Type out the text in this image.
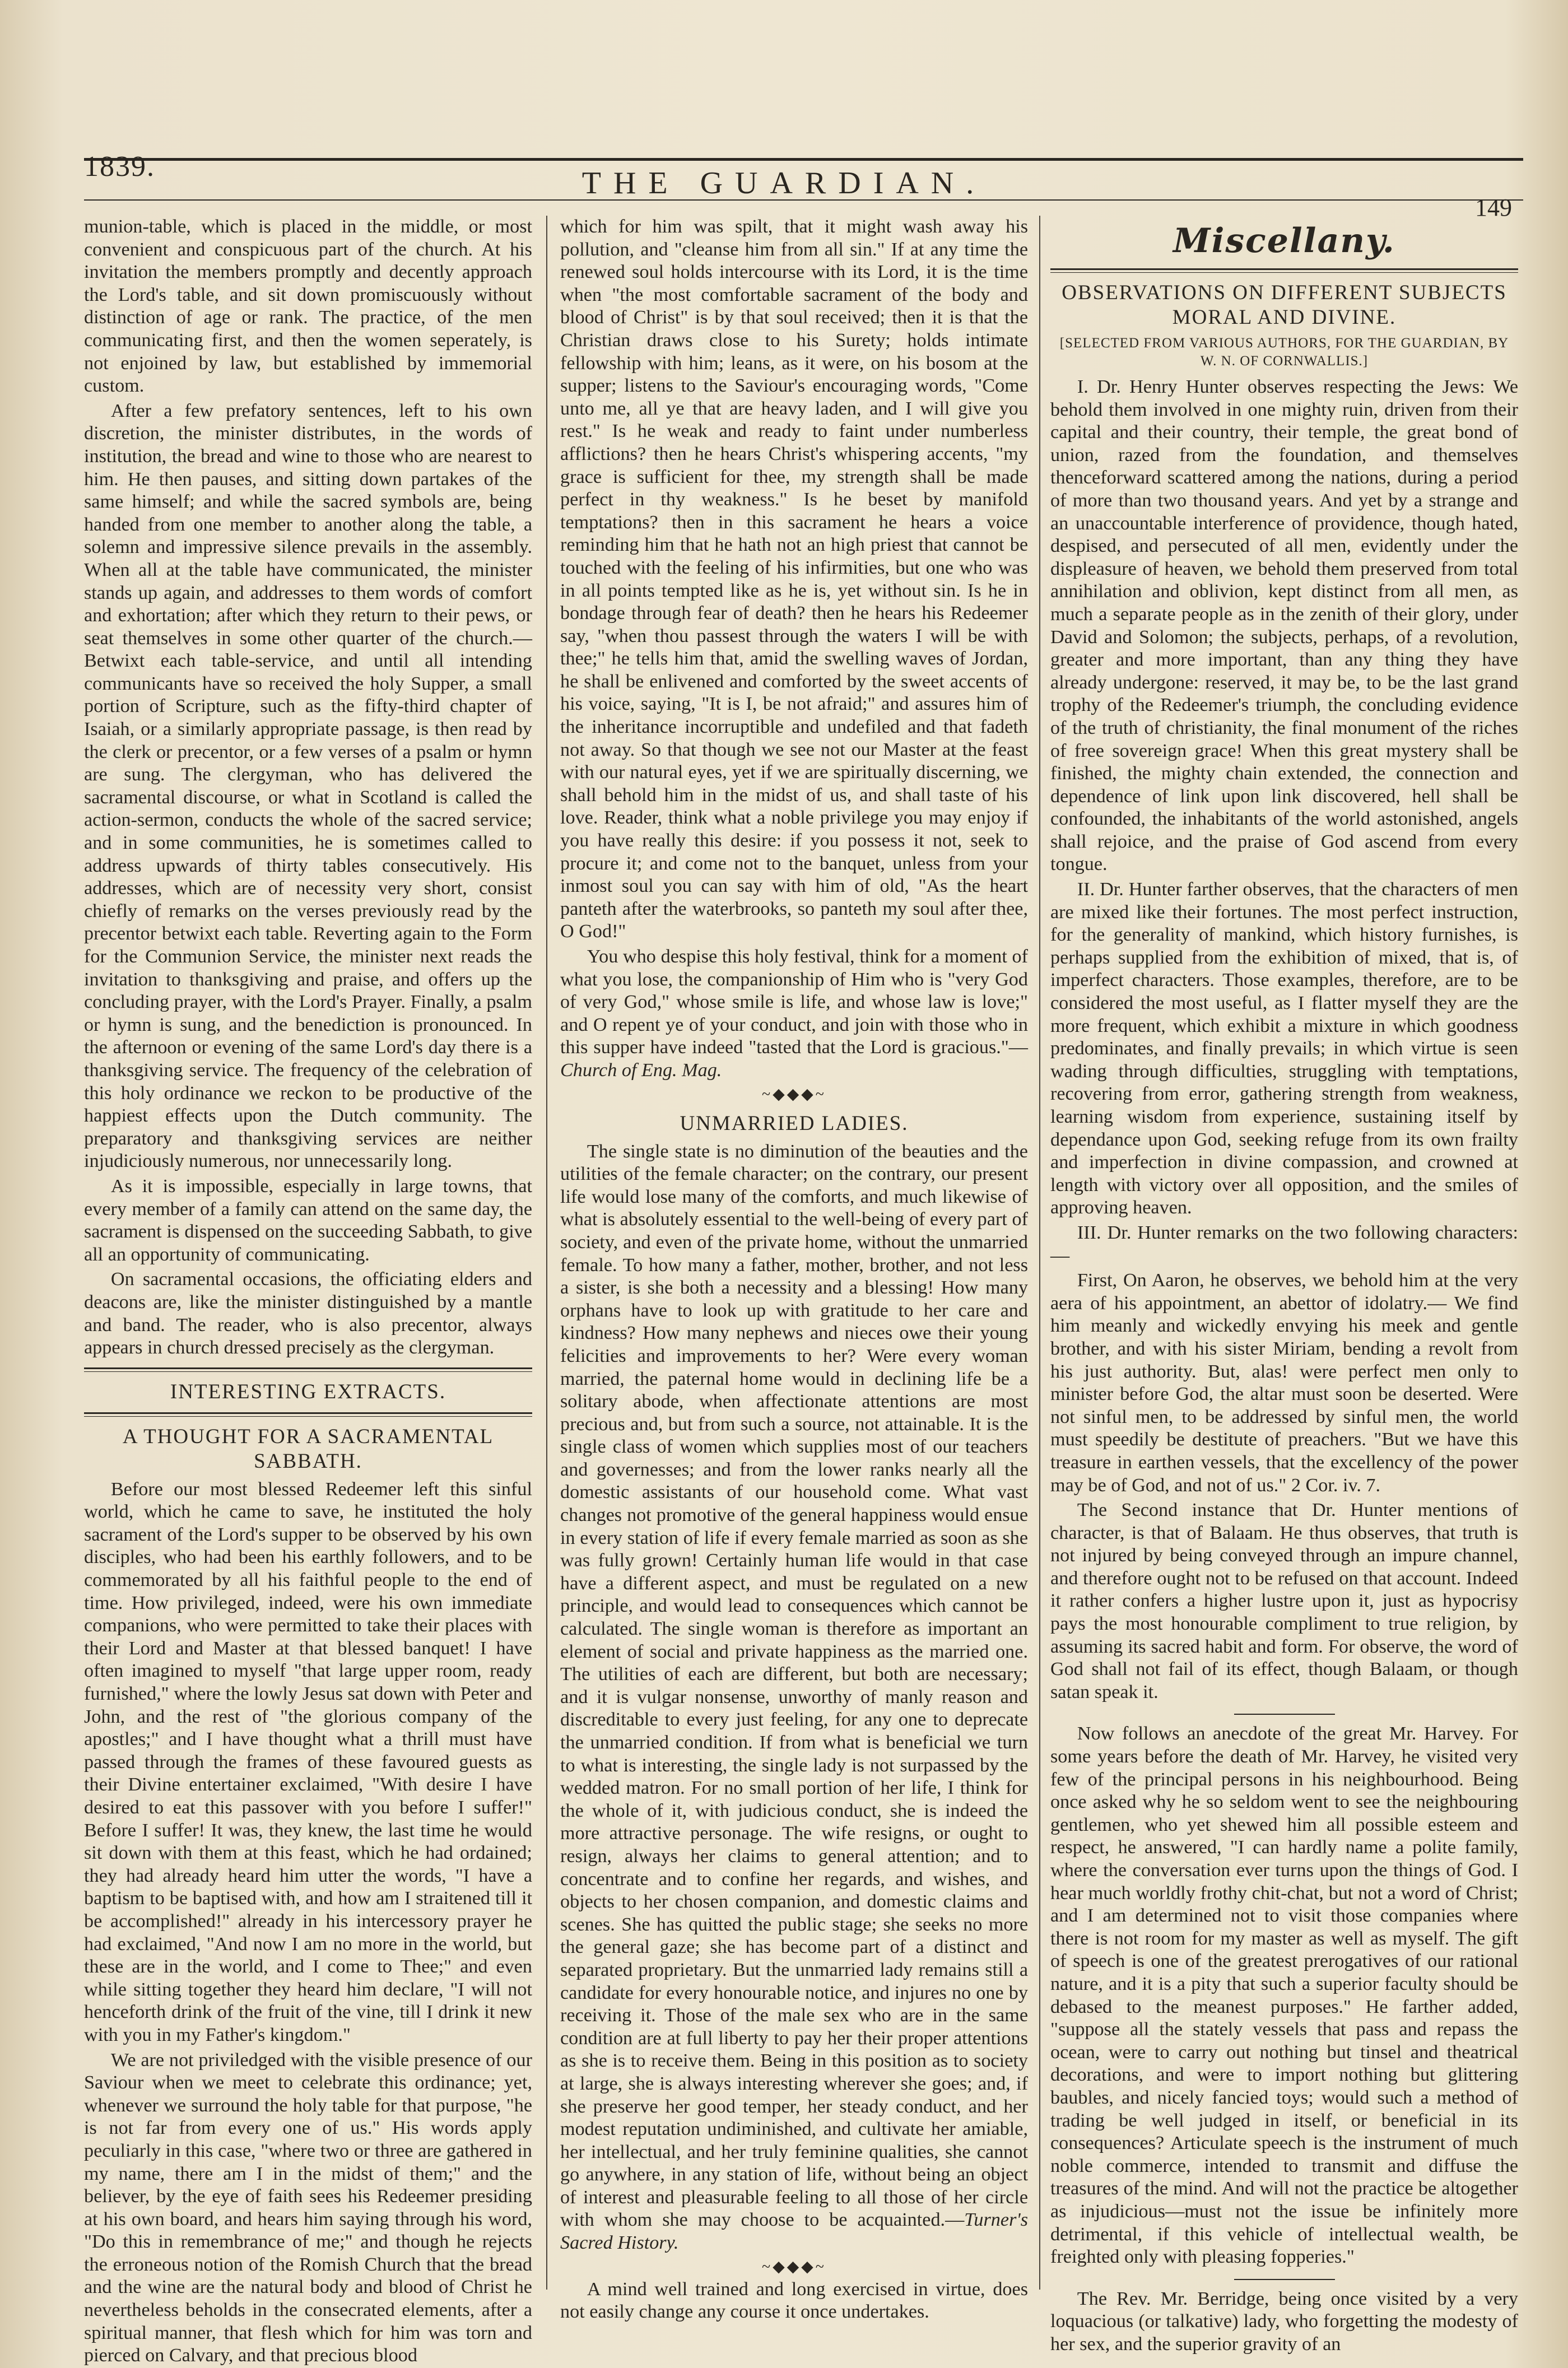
1839.	THE GUARDIAN.
149

munion-table, which is placed in the middle, or most convenient and conspicuous part of the church. At his invitation the members promptly and decently approach the Lord's table, and sit down promiscuously without distinction of age or rank. The practice, of the men communicating first, and then the women seperately, is not enjoined by law, but established by immemorial custom.

After a few prefatory sentences, left to his own discretion, the minister distributes, in the words of institution, the bread and wine to those who are nearest to him. He then pauses, and sitting down partakes of the same himself; and while the sacred symbols are, being handed from one member to another along the table, a solemn and impressive silence prevails in the assembly. When all at the table have communicated, the minister stands up again, and addresses to them words of comfort and exhortation; after which they return to their pews, or seat themselves in some other quarter of the church.— Betwixt each table-service, and until all intending communicants have so received the holy Supper, a small portion of Scripture, such as the fifty-third chapter of Isaiah, or a similarly appropriate passage, is then read by the clerk or precentor, or a few verses of a psalm or hymn are sung. The clergyman, who has delivered the sacramental discourse, or what in Scotland is called the action-sermon, conducts the whole of the sacred service; and in some communities, he is sometimes called to address upwards of thirty tables consecutively. His addresses, which are of necessity very short, consist chiefly of remarks on the verses previously read by the precentor betwixt each table. Reverting again to the Form for the Communion Service, the minister next reads the invitation to thanksgiving and praise, and offers up the concluding prayer, with the Lord's Prayer. Finally, a psalm or hymn is sung, and the benediction is pronounced. In the afternoon or evening of the same Lord's day there is a thanksgiving service. The frequency of the celebration of this holy ordinance we reckon to be productive of the happiest effects upon the Dutch community. The preparatory and thanksgiving services are neither injudiciously numerous, nor unnecessarily long.

As it is impossible, especially in large towns, that every member of a family can attend on the same day, the sacrament is dispensed on the succeeding Sabbath, to give all an opportunity of communicating.

On sacramental occasions, the officiating elders and deacons are, like the minister distinguished by a mantle and band. The reader, who is also precentor, always appears in church dressed precisely as the clergyman.

INTERESTING EXTRACTS.
A THOUGHT FOR A SACRAMENTAL SABBATH.

Before our most blessed Redeemer left this sinful world, which he came to save, he instituted the holy sacrament of the Lord's supper to be observed by his own disciples, who had been his earthly followers, and to be commemorated by all his faithful people to the end of time. How privileged, indeed, were his own immediate companions, who were permitted to take their places with their Lord and Master at that blessed banquet! I have often imagined to myself "that large upper room, ready furnished," where the lowly Jesus sat down with Peter and John, and the rest of "the glorious company of the apostles;" and I have thought what a thrill must have passed through the frames of these favoured guests as their Divine entertainer exclaimed, "With desire I have desired to eat this passover with you before I suffer!" Before I suffer! It was, they knew, the last time he would sit down with them at this feast, which he had ordained; they had already heard him utter the words, "I have a baptism to be baptised with, and how am I straitened till it be accomplished!" already in his intercessory prayer he had exclaimed, "And now I am no more in the world, but these are in the world, and I come to Thee;" and even while sitting together they heard him declare, "I will not henceforth drink of the fruit of the vine, till I drink it new with you in my Father's kingdom."

We are not priviledged with the visible presence of our Saviour when we meet to celebrate this ordinance; yet, whenever we surround the holy table for that purpose, "he is not far from every one of us." His words apply peculiarly in this case, "where two or three are gathered in my name, there am I in the midst of them;" and the believer, by the eye of faith sees his Redeemer presiding at his own board, and hears him saying through his word, "Do this in remembrance of me;" and though he rejects the erroneous notion of the Romish Church that the bread and the wine are the natural body and blood of Christ he nevertheless beholds in the consecrated elements, after a spiritual manner, that flesh which for him was torn and pierced on Calvary, and that precious blood

which for him was spilt, that it might wash away his pollution, and "cleanse him from all sin." If at any time the renewed soul holds intercourse with its Lord, it is the time when "the most comfortable sacrament of the body and blood of Christ" is by that soul received; then it is that the Christian draws close to his Surety; holds intimate fellowship with him; leans, as it were, on his bosom at the supper; listens to the Saviour's encouraging words, "Come unto me, all ye that are heavy laden, and I will give you rest." Is he weak and ready to faint under numberless afflictions? then he hears Christ's whispering accents, "my grace is sufficient for thee, my strength shall be made perfect in thy weakness." Is he beset by manifold temptations? then in this sacrament he hears a voice reminding him that he hath not an high priest that cannot be touched with the feeling of his infirmities, but one who was in all points tempted like as he is, yet without sin. Is he in bondage through fear of death? then he hears his Redeemer say, "when thou passest through the waters I will be with thee;" he tells him that, amid the swelling waves of Jordan, he shall be enlivened and comforted by the sweet accents of his voice, saying, "It is I, be not afraid;" and assures him of the inheritance incorruptible and undefiled and that fadeth not away. So that though we see not our Master at the feast with our natural eyes, yet if we are spiritually discerning, we shall behold him in the midst of us, and shall taste of his love. Reader, think what a noble privilege you may enjoy if you have really this desire: if you possess it not, seek to procure it; and come not to the banquet, unless from your inmost soul you can say with him of old, "As the heart panteth after the waterbrooks, so panteth my soul after thee, O God!"

You who despise this holy festival, think for a moment of what you lose, the companionship of Him who is "very God of very God," whose smile is life, and whose law is love;" and O repent ye of your conduct, and join with those who in this supper have indeed "tasted that the Lord is gracious."—Church of Eng. Mag.

~◆◆◆~
UNMARRIED LADIES.

The single state is no diminution of the beauties and the utilities of the female character; on the contrary, our present life would lose many of the comforts, and much likewise of what is absolutely essential to the well-being of every part of society, and even of the private home, without the unmarried female. To how many a father, mother, brother, and not less a sister, is she both a necessity and a blessing! How many orphans have to look up with gratitude to her care and kindness? How many nephews and nieces owe their young felicities and improvements to her? Were every woman married, the paternal home would in declining life be a solitary abode, when affectionate attentions are most precious and, but from such a source, not attainable. It is the single class of women which supplies most of our teachers and governesses; and from the lower ranks nearly all the domestic assistants of our household come. What vast changes not promotive of the general happiness would ensue in every station of life if every female married as soon as she was fully grown! Certainly human life would in that case have a different aspect, and must be regulated on a new principle, and would lead to consequences which cannot be calculated. The single woman is therefore as important an element of social and private happiness as the married one. The utilities of each are different, but both are necessary; and it is vulgar nonsense, unworthy of manly reason and discreditable to every just feeling, for any one to deprecate the unmarried condition. If from what is beneficial we turn to what is interesting, the single lady is not surpassed by the wedded matron. For no small portion of her life, I think for the whole of it, with judicious conduct, she is indeed the more attractive personage. The wife resigns, or ought to resign, always her claims to general attention; and to concentrate and to confine her regards, and wishes, and objects to her chosen companion, and domestic claims and scenes. She has quitted the public stage; she seeks no more the general gaze; she has become part of a distinct and separated proprietary. But the unmarried lady remains still a candidate for every honourable notice, and injures no one by receiving it. Those of the male sex who are in the same condition are at full liberty to pay her their proper attentions as she is to receive them. Being in this position as to society at large, she is always interesting wherever she goes; and, if she preserve her good temper, her steady conduct, and her modest reputation undiminished, and cultivate her amiable, her intellectual, and her truly feminine qualities, she cannot go anywhere, in any station of life, without being an object of interest and pleasurable feeling to all those of her circle with whom she may choose to be acquainted.—Turner's Sacred History.

~◆◆◆~

A mind well trained and long exercised in virtue, does not easily change any course it once undertakes.

Miscellany.
OBSERVATIONS ON DIFFERENT SUBJECTS MORAL AND DIVINE.
[SELECTED FROM VARIOUS AUTHORS, FOR THE GUARDIAN, BY W. N. OF CORNWALLIS.]

I. Dr. Henry Hunter observes respecting the Jews: We behold them involved in one mighty ruin, driven from their capital and their country, their temple, the great bond of union, razed from the foundation, and themselves thenceforward scattered among the nations, during a period of more than two thousand years. And yet by a strange and an unaccountable interference of providence, though hated, despised, and persecuted of all men, evidently under the displeasure of heaven, we behold them preserved from total annihilation and oblivion, kept distinct from all men, as much a separate people as in the zenith of their glory, under David and Solomon; the subjects, perhaps, of a revolution, greater and more important, than any thing they have already undergone: reserved, it may be, to be the last grand trophy of the Redeemer's triumph, the concluding evidence of the truth of christianity, the final monument of the riches of free sovereign grace! When this great mystery shall be finished, the mighty chain extended, the connection and dependence of link upon link discovered, hell shall be confounded, the inhabitants of the world astonished, angels shall rejoice, and the praise of God ascend from every tongue.

II. Dr. Hunter farther observes, that the characters of men are mixed like their fortunes. The most perfect instruction, for the generality of mankind, which history furnishes, is perhaps supplied from the exhibition of mixed, that is, of imperfect characters. Those examples, therefore, are to be considered the most useful, as I flatter myself they are the more frequent, which exhibit a mixture in which goodness predominates, and finally prevails; in which virtue is seen wading through difficulties, struggling with temptations, recovering from error, gathering strength from weakness, learning wisdom from experience, sustaining itself by dependance upon God, seeking refuge from its own frailty and imperfection in divine compassion, and crowned at length with victory over all opposition, and the smiles of approving heaven.

III. Dr. Hunter remarks on the two following characters:—

First, On Aaron, he observes, we behold him at the very aera of his appointment, an abettor of idolatry.— We find him meanly and wickedly envying his meek and gentle brother, and with his sister Miriam, bending a revolt from his just authority. But, alas! were perfect men only to minister before God, the altar must soon be deserted. Were not sinful men, to be addressed by sinful men, the world must speedily be destitute of preachers. "But we have this treasure in earthen vessels, that the excellency of the power may be of God, and not of us." 2 Cor. iv. 7.

The Second instance that Dr. Hunter mentions of character, is that of Balaam. He thus observes, that truth is not injured by being conveyed through an impure channel, and therefore ought not to be refused on that account. Indeed it rather confers a higher lustre upon it, just as hypocrisy pays the most honourable compliment to true religion, by assuming its sacred habit and form. For observe, the word of God shall not fail of its effect, though Balaam, or though satan speak it.

Now follows an anecdote of the great Mr. Harvey. For some years before the death of Mr. Harvey, he visited very few of the principal persons in his neighbourhood. Being once asked why he so seldom went to see the neighbouring gentlemen, who yet shewed him all possible esteem and respect, he answered, "I can hardly name a polite family, where the conversation ever turns upon the things of God. I hear much worldly frothy chit-chat, but not a word of Christ; and I am determined not to visit those companies where there is not room for my master as well as myself. The gift of speech is one of the greatest prerogatives of our rational nature, and it is a pity that such a superior faculty should be debased to the meanest purposes." He farther added, "suppose all the stately vessels that pass and repass the ocean, were to carry out nothing but tinsel and theatrical decorations, and were to import nothing but glittering baubles, and nicely fancied toys; would such a method of trading be well judged in itself, or beneficial in its consequences? Articulate speech is the instrument of much noble commerce, intended to transmit and diffuse the treasures of the mind. And will not the practice be altogether as injudicious—must not the issue be infinitely more detrimental, if this vehicle of intellectual wealth, be freighted only with pleasing fopperies."

The Rev. Mr. Berridge, being once visited by a very loquacious (or talkative) lady, who forgetting the modesty of her sex, and the superior gravity of an
